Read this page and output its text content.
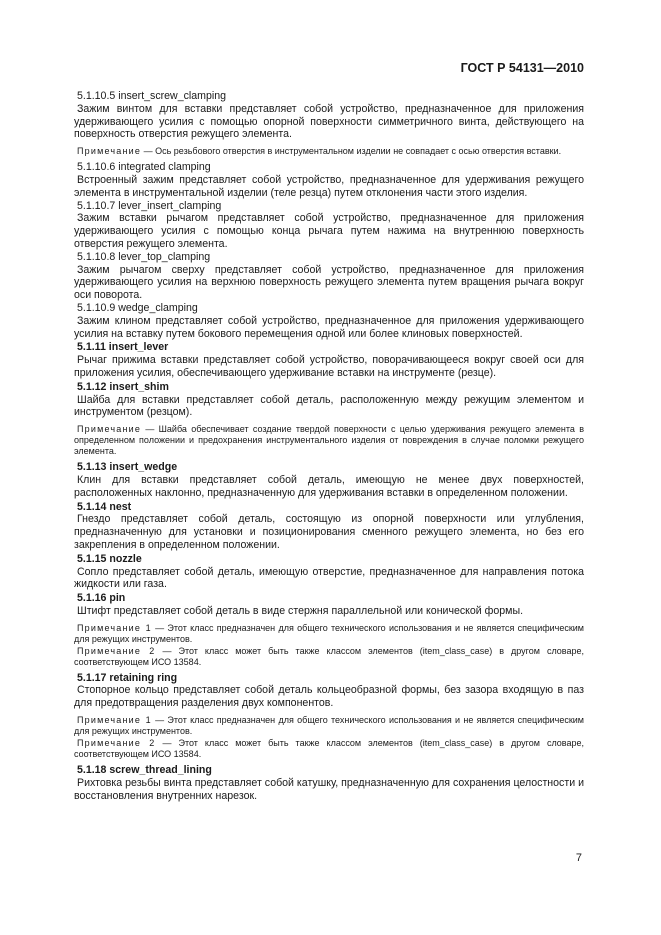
ГОСТ Р 54131—2010
5.1.10.5 insert_screw_clamping
Зажим винтом для вставки представляет собой устройство, предназначенное для приложения удерживающего усилия с помощью опорной поверхности симметричного винта, действующего на поверхность отверстия режущего элемента.
Примечание — Ось резьбового отверстия в инструментальном изделии не совпадает с осью отверстия вставки.
5.1.10.6 integrated clamping
Встроенный зажим представляет собой устройство, предназначенное для удерживания режущего элемента в инструментальной изделии (теле резца) путем отклонения части этого изделия.
5.1.10.7 lever_insert_clamping
Зажим вставки рычагом представляет собой устройство, предназначенное для приложения удерживающего усилия с помощью конца рычага путем нажима на внутреннюю поверхность отверстия режущего элемента.
5.1.10.8 lever_top_clamping
Зажим рычагом сверху представляет собой устройство, предназначенное для приложения удерживающего усилия на верхнюю поверхность режущего элемента путем вращения рычага вокруг оси поворота.
5.1.10.9 wedge_clamping
Зажим клином представляет собой устройство, предназначенное для приложения удерживающего усилия на вставку путем бокового перемещения одной или более клиновых поверхностей.
5.1.11 insert_lever
Рычаг прижима вставки представляет собой устройство, поворачивающееся вокруг своей оси для приложения усилия, обеспечивающего удерживание вставки на инструменте (резце).
5.1.12 insert_shim
Шайба для вставки представляет собой деталь, расположенную между режущим элементом и инструментом (резцом).
Примечание — Шайба обеспечивает создание твердой поверхности с целью удерживания режущего элемента в определенном положении и предохранения инструментального изделия от повреждения в случае поломки режущего элемента.
5.1.13 insert_wedge
Клин для вставки представляет собой деталь, имеющую не менее двух поверхностей, расположенных наклонно, предназначенную для удерживания вставки в определенном положении.
5.1.14 nest
Гнездо представляет собой деталь, состоящую из опорной поверхности или углубления, предназначенную для установки и позиционирования сменного режущего элемента, но без его закрепления в определенном положении.
5.1.15 nozzle
Сопло представляет собой деталь, имеющую отверстие, предназначенное для направления потока жидкости или газа.
5.1.16 pin
Штифт представляет собой деталь в виде стержня параллельной или конической формы.
Примечание 1 — Этот класс предназначен для общего технического использования и не является специфическим для режущих инструментов.
Примечание 2 — Этот класс может быть также классом элементов (item_class_case) в другом словаре, соответствующем ИСО 13584.
5.1.17 retaining ring
Стопорное кольцо представляет собой деталь кольцеобразной формы, без зазора входящую в паз для предотвращения разделения двух компонентов.
Примечание 1 — Этот класс предназначен для общего технического использования и не является специфическим для режущих инструментов.
Примечание 2 — Этот класс может быть также классом элементов (item_class_case) в другом словаре, соответствующем ИСО 13584.
5.1.18 screw_thread_lining
Рихтовка резьбы винта представляет собой катушку, предназначенную для сохранения целостности и восстановления внутренних нарезок.
7
